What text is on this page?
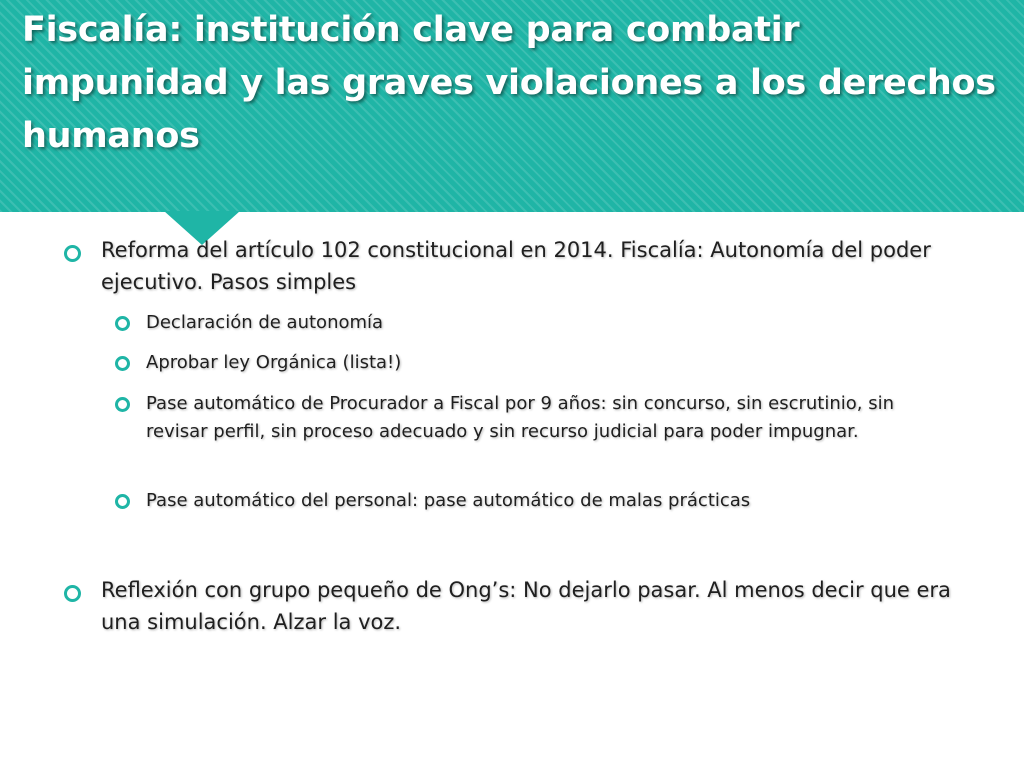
Fiscalía: institución clave para combatir impunidad y las graves violaciones a los derechos humanos
Reforma del artículo 102 constitucional en 2014. Fiscalía: Autonomía del poder ejecutivo. Pasos simples
Declaración de autonomía
Aprobar ley Orgánica (lista!)
Pase automático de Procurador a Fiscal por 9 años: sin concurso, sin escrutinio, sin revisar perfil, sin proceso adecuado y sin recurso judicial para poder impugnar.
Pase automático del personal: pase automático de malas prácticas
Reflexión con grupo pequeño de Ong’s: No dejarlo pasar. Al menos decir que era una simulación. Alzar la voz.
